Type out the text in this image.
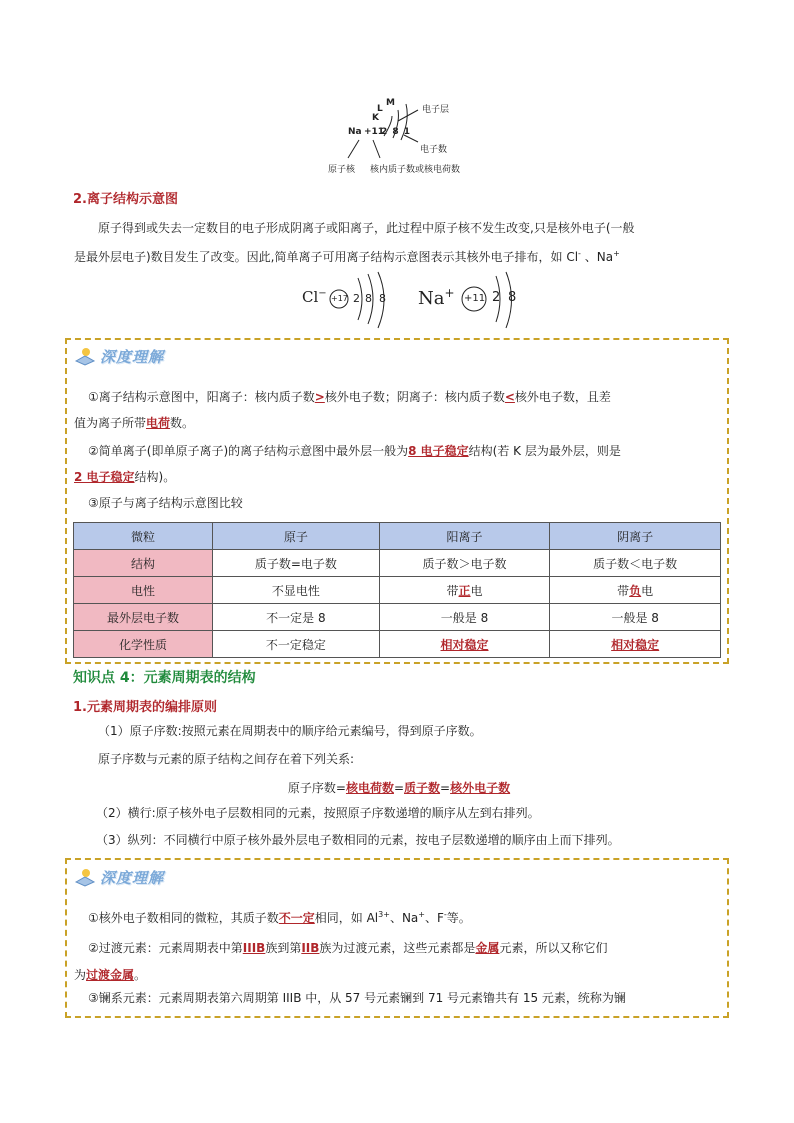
K
L
M
电子层
Na +11
2 8 1
电子数
原子核 核内质子数或核电荷数
2.离子结构示意图
原子得到或失去一定数目的电子形成阴离子或阳离子，此过程中原子核不发生改变,只是核外电子(一般
是最外层电子)数目发生了改变。因此,简单离子可用离子结构示意图表示其核外电子排布，如 Cl- 、Na+
Cl− +17 2 8 8 Na+ +11 2 8
深度理解
①离子结构示意图中，阳离子：核内质子数>核外电子数；阴离子：核内质子数<核外电子数，且差
值为离子所带电荷数。
②简单离子(即单原子离子)的离子结构示意图中最外层一般为8 电子稳定结构(若 K 层为最外层，则是
2 电子稳定结构)。
③原子与离子结构示意图比较
微粒	原子	阳离子	阴离子
结构	质子数=电子数	质子数＞电子数	质子数＜电子数
电性	不显电性	带正电	带负电
最外层电子数	不一定是 8	一般是 8	一般是 8
化学性质	不一定稳定	相对稳定	相对稳定
知识点 4：元素周期表的结构
1.元素周期表的编排原则
（1）原子序数:按照元素在周期表中的顺序给元素编号，得到原子序数。
原子序数与元素的原子结构之间存在着下列关系:
原子序数=核电荷数=质子数=核外电子数
（2）横行:原子核外电子层数相同的元素，按照原子序数递增的顺序从左到右排列。
（3）纵列：不同横行中原子核外最外层电子数相同的元素，按电子层数递增的顺序由上而下排列。
深度理解
①核外电子数相同的微粒，其质子数不一定相同，如 $Al^{3+}$、Na+、F-等。
②过渡元素：元素周期表中第IIIB族到第IIB族为过渡元素，这些元素都是金属元素，所以又称它们
为过渡金属。
③镧系元素：元素周期表第六周期第 IIIB 中，从 57 号元素镧到 71 号元素镥共有 15 元素，统称为镧
